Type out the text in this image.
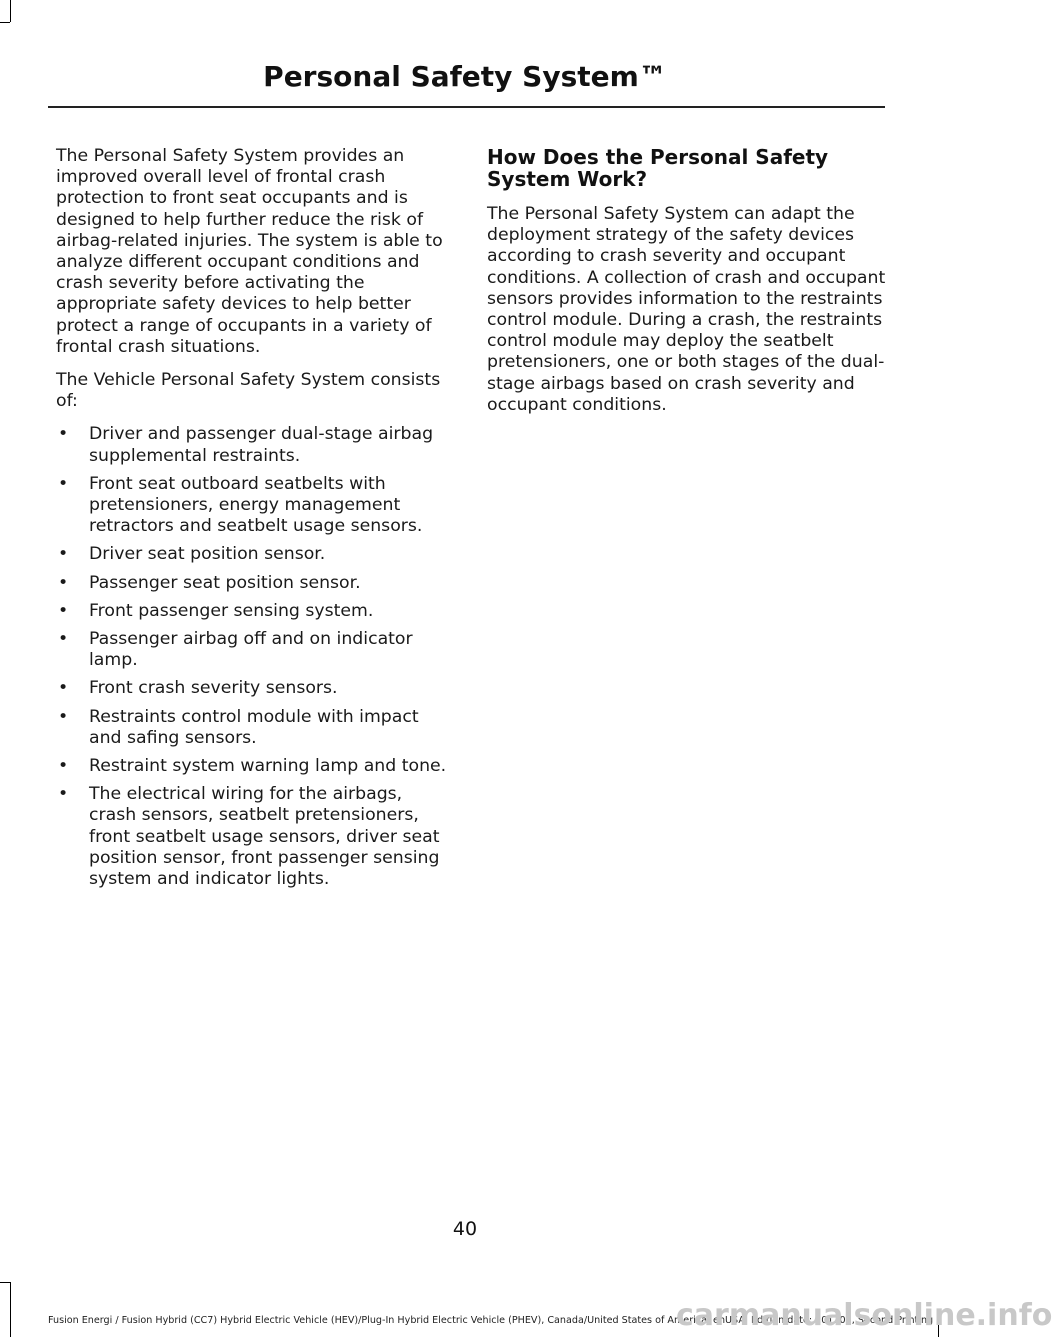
Personal Safety System™

The Personal Safety System provides an improved overall level of frontal crash protection to front seat occupants and is designed to help further reduce the risk of airbag-related injuries. The system is able to analyze different occupant conditions and crash severity before activating the appropriate safety devices to help better protect a range of occupants in a variety of frontal crash situations.

The Vehicle Personal Safety System consists of:

• Driver and passenger dual-stage airbag supplemental restraints.
• Front seat outboard seatbelts with pretensioners, energy management retractors and seatbelt usage sensors.
• Driver seat position sensor.
• Passenger seat position sensor.
• Front passenger sensing system.
• Passenger airbag off and on indicator lamp.
• Front crash severity sensors.
• Restraints control module with impact and safing sensors.
• Restraint system warning lamp and tone.
• The electrical wiring for the airbags, crash sensors, seatbelt pretensioners, front seatbelt usage sensors, driver seat position sensor, front passenger sensing system and indicator lights.
How Does the Personal Safety System Work?

The Personal Safety System can adapt the deployment strategy of the safety devices according to crash severity and occupant conditions. A collection of crash and occupant sensors provides information to the restraints control module. During a crash, the restraints control module may deploy the seatbelt pretensioners, one or both stages of the dual-stage airbags based on crash severity and occupant conditions.

40
Fusion Energi / Fusion Hybrid (CC7) Hybrid Electric Vehicle (HEV)/Plug-In Hybrid Electric Vehicle (PHEV), Canada/United States of America, enUSA, Edition date: 201705, Second Printing
carmanualsonline.info
